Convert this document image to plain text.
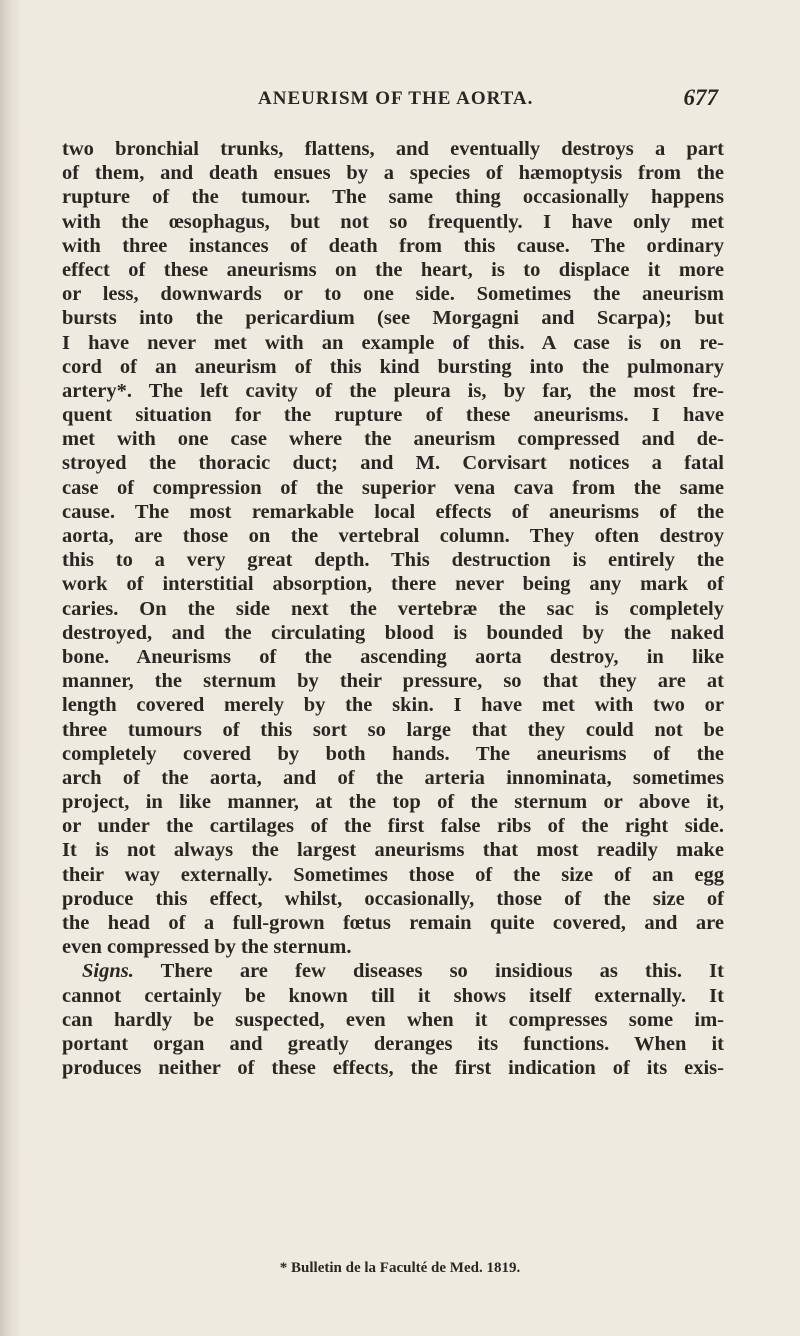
ANEURISM OF THE AORTA.	677
two bronchial trunks, flattens, and eventually destroys a part
of them, and death ensues by a species of hæmoptysis from the
rupture of the tumour. The same thing occasionally happens
with the œsophagus, but not so frequently. I have only met
with three instances of death from this cause. The ordinary
effect of these aneurisms on the heart, is to displace it more
or less, downwards or to one side. Sometimes the aneurism
bursts into the pericardium (see Morgagni and Scarpa); but
I have never met with an example of this. A case is on re-
cord of an aneurism of this kind bursting into the pulmonary
artery*. The left cavity of the pleura is, by far, the most fre-
quent situation for the rupture of these aneurisms. I have
met with one case where the aneurism compressed and de-
stroyed the thoracic duct; and M. Corvisart notices a fatal
case of compression of the superior vena cava from the same
cause. The most remarkable local effects of aneurisms of the
aorta, are those on the vertebral column. They often destroy
this to a very great depth. This destruction is entirely the
work of interstitial absorption, there never being any mark of
caries. On the side next the vertebræ the sac is completely
destroyed, and the circulating blood is bounded by the naked
bone. Aneurisms of the ascending aorta destroy, in like
manner, the sternum by their pressure, so that they are at
length covered merely by the skin. I have met with two or
three tumours of this sort so large that they could not be
completely covered by both hands. The aneurisms of the
arch of the aorta, and of the arteria innominata, sometimes
project, in like manner, at the top of the sternum or above it,
or under the cartilages of the first false ribs of the right side.
It is not always the largest aneurisms that most readily make
their way externally. Sometimes those of the size of an egg
produce this effect, whilst, occasionally, those of the size of
the head of a full-grown fœtus remain quite covered, and are
even compressed by the sternum.
Signs. There are few diseases so insidious as this. It
cannot certainly be known till it shows itself externally. It
can hardly be suspected, even when it compresses some im-
portant organ and greatly deranges its functions. When it
produces neither of these effects, the first indication of its exis-
* Bulletin de la Faculté de Med. 1819.
